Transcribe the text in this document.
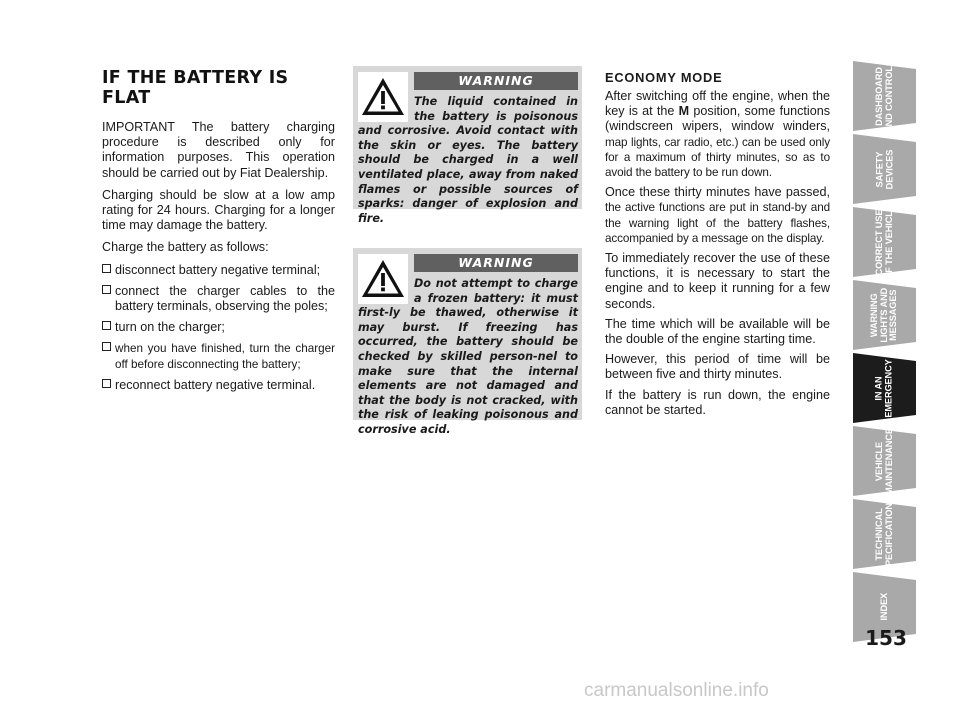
IF THE BATTERY IS FLAT

IMPORTANT The battery charging procedure is described only for information purposes. This operation should be carried out by Fiat Dealership.

Charging should be slow at a low amp rating for 24 hours. Charging for a longer time may damage the battery.

Charge the battery as follows:

disconnect battery negative terminal;
connect the charger cables to the battery terminals, observing the poles;
turn on the charger;
when you have finished, turn the charger off before disconnecting the battery;
reconnect battery negative terminal.
WARNING

The liquid contained in the battery is poisonous and corrosive. Avoid contact with the skin or eyes. The battery should be charged in a well ventilated place, away from naked flames or possible sources of sparks: danger of explosion and fire.

WARNING

Do not attempt to charge a frozen battery: it must first-ly be thawed, otherwise it may burst. If freezing has occurred, the battery should be checked by skilled person-nel to make sure that the internal elements are not damaged and that the body is not cracked, with the risk of leaking poisonous and corrosive acid.

ECONOMY MODE

After switching off the engine, when the key is at the M position, some functions (windscreen wipers, window winders, map lights, car radio, etc.) can be used only for a maximum of thirty minutes, so as to avoid the battery to be run down.

Once these thirty minutes have passed, the active functions are put in stand-by and the warning light of the battery flashes, accompanied by a message on the display.

To immediately recover the use of these functions, it is necessary to start the engine and to keep it running for a few seconds.

The time which will be available will be the double of the engine starting time.

However, this period of time will be between five and thirty minutes.

If the battery is run down, the engine cannot be started.

DASHBOARD
AND CONTROLS
SAFETY
DEVICES
CORRECT USE
OF THE VEHICLE
WARNING
LIGHTS AND
MESSAGES
IN AN
EMERGENCY
VEHICLE
MAINTENANCE
TECHNICAL
SPECIFICATIONS
INDEX
153
carmanualsonline.info
